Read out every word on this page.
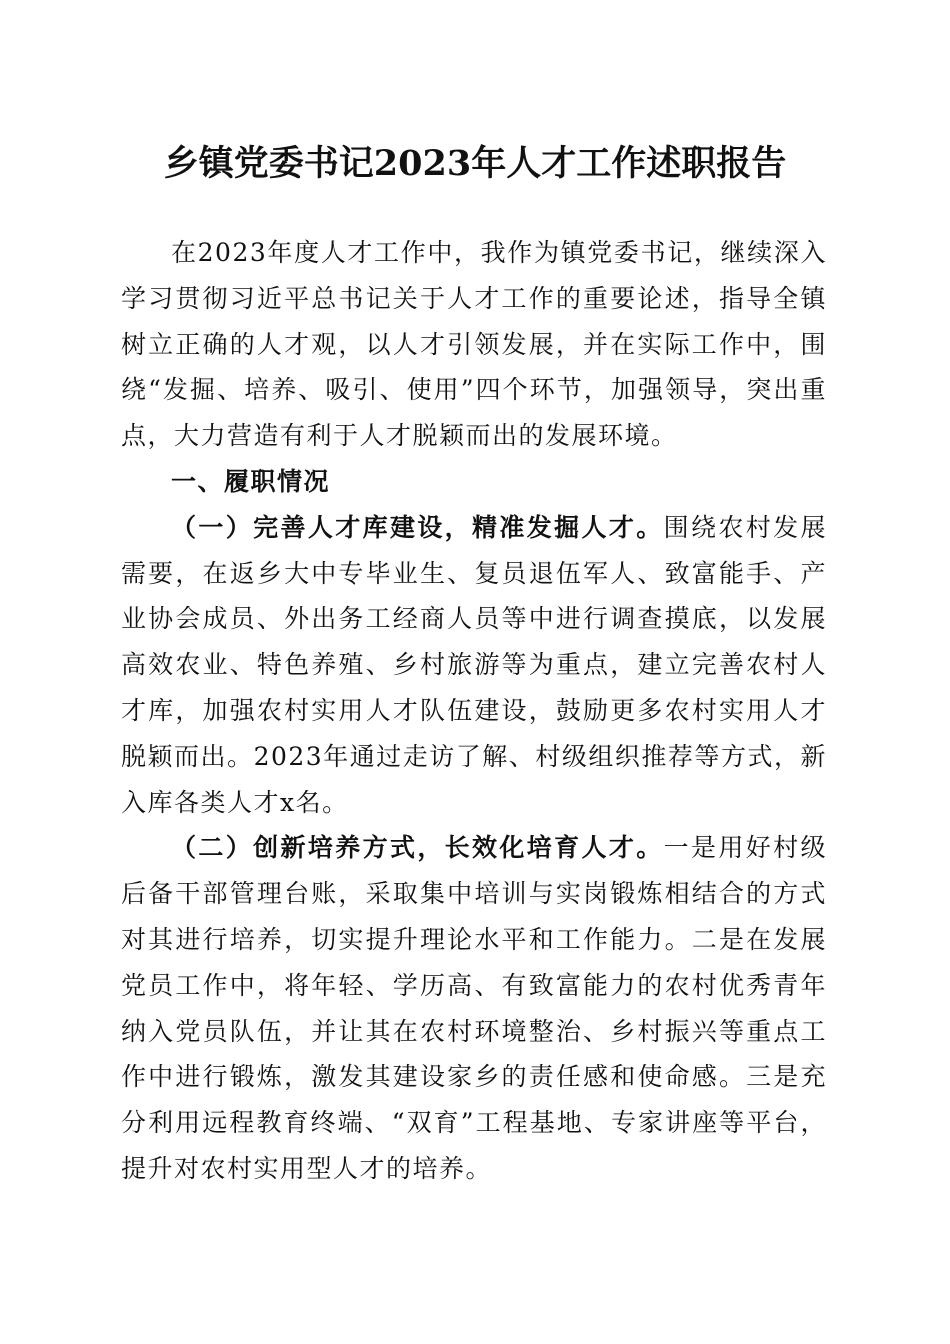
乡镇党委书记2023年人才工作述职报告

在2023年度人才工作中，我作为镇党委书记，继续深入学习贯彻习近平总书记关于人才工作的重要论述，指导全镇树立正确的人才观，以人才引领发展，并在实际工作中，围绕“发掘、培养、吸引、使用”四个环节，加强领导，突出重点，大力营造有利于人才脱颖而出的发展环境。

一、履职情况

（一）完善人才库建设，精准发掘人才。围绕农村发展需要，在返乡大中专毕业生、复员退伍军人、致富能手、产业协会成员、外出务工经商人员等中进行调查摸底，以发展高效农业、特色养殖、乡村旅游等为重点，建立完善农村人才库，加强农村实用人才队伍建设，鼓励更多农村实用人才脱颖而出。2023年通过走访了解、村级组织推荐等方式，新入库各类人才x名。

（二）创新培养方式，长效化培育人才。一是用好村级后备干部管理台账，采取集中培训与实岗锻炼相结合的方式对其进行培养，切实提升理论水平和工作能力。二是在发展党员工作中，将年轻、学历高、有致富能力的农村优秀青年纳入党员队伍，并让其在农村环境整治、乡村振兴等重点工作中进行锻炼，激发其建设家乡的责任感和使命感。三是充分利用远程教育终端、“双育”工程基地、专家讲座等平台，提升对农村实用型人才的培养。
